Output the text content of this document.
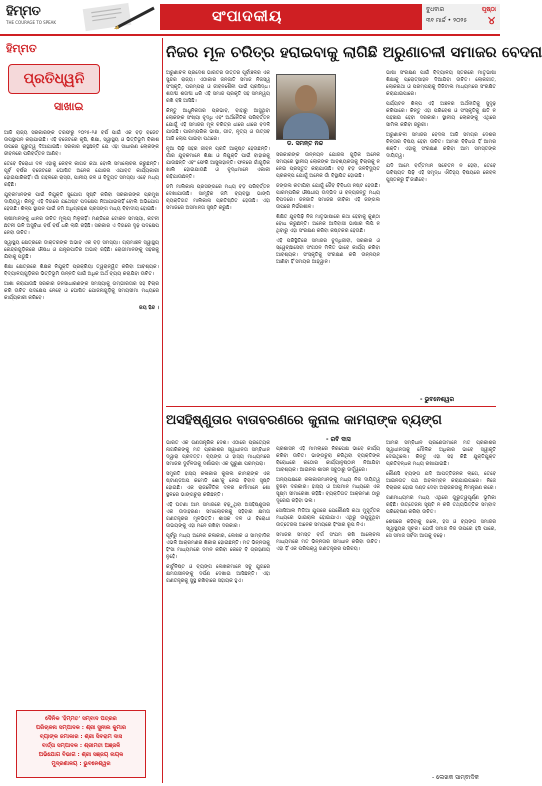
ହିମ୍ମତ
THE COURAGE TO SPEAK	ସଂପାଦକୀୟ	ବୁଧବାର
୩୧ ମାର୍ଚ୍ଚ • ୨୦୨୫
ପୃଷ୍ଠା
୪
ହିମ୍ମତ
ପ୍ରତିଧ୍ୱନି
ସାଖାଇ

ଆଜି ରାଜ୍ୟ ସରକାରଙ୍କ ତରଫରୁ ୨୦୨୫-୨୬ ବର୍ଷ ପାଇଁ ଏକ ବଡ଼ ବଜେଟ ଉପସ୍ଥାପନ କରାଯାଇଛି। ଏହି ବଜେଟରେ କୃଷି, ଶିକ୍ଷା, ସ୍ୱାସ୍ଥ୍ୟ ଓ ଭିତ୍ତିଭୂମି ବିକାଶ ଉପରେ ଗୁରୁତ୍ୱ ଦିଆଯାଇଛି। ସରକାର କହୁଛନ୍ତି ଯେ ଏହା ସାଧାରଣ ଲୋକଙ୍କ ଜୀବନରେ ପରିବର୍ତ୍ତନ ଆଣିବ।

ତେବେ ବିରୋଧୀ ଦଳ ଏହାକୁ କେବଳ କାଗଜ କଥା ବୋଲି ସମାଲୋଚନା କରୁଛନ୍ତି। ପୂର୍ବ ବର୍ଷର ବଜେଟରେ ଘୋଷିତ ଅନେକ ଯୋଜନା ଏଯାବତ କାର୍ଯ୍ୟକାରୀ ହୋଇପାରିନାହିଁ। ଗାଁ ଗହଳରେ ରାସ୍ତା, ପାନୀୟ ଜଳ ଓ ବିଦ୍ୟୁତ ସମସ୍ୟା ଏବେ ମଧ୍ୟ ରହିଛି।

ଯୁବକମାନଙ୍କ ପାଇଁ ନିଯୁକ୍ତି ସୁଯୋଗ ସୃଷ୍ଟି କରିବା ସରକାରଙ୍କ ପ୍ରମୁଖ ଦାୟିତ୍ୱ। କିନ୍ତୁ ଏହି ଦିଗରେ ଯଥେଷ୍ଟ ପଦକ୍ଷେପ ନିଆଯାଇନାହିଁ ବୋଲି ଅଭିଯୋଗ ହେଉଛି। ଶିଳ୍ପ ସ୍ଥାପନ ପାଇଁ ଜମି ଅଧିଗ୍ରହଣ ପ୍ରସଙ୍ଗ ମଧ୍ୟ ବିବାଦୀୟ ହୋଇଛି।

ଚାଷୀମାନଙ୍କୁ ଧାନର ଉଚିତ ମୂଲ୍ୟ ମିଳୁନାହିଁ। ମଣ୍ଡିରେ ଟୋକନ ସମସ୍ୟା, କଟନୀ ଛଟନୀ ଭଳି ଅସୁବିଧା ବର୍ଷ ବର୍ଷ ଧରି ଲାଗି ରହିଛି। ସରକାର ଏ ଦିଗରେ ଦୃଢ଼ ପଦକ୍ଷେପ ନେବା ଉଚିତ।

ସ୍ୱାସ୍ଥ୍ୟ କ୍ଷେତ୍ରରେ ଡାକ୍ତରଙ୍କ ଅଭାବ ଏକ ବଡ଼ ସମସ୍ୟା। ଗ୍ରାମାଞ୍ଚଳ ସ୍ୱାସ୍ଥ୍ୟ କେନ୍ଦ୍ରଗୁଡ଼ିକରେ ଔଷଧ ଓ ଯନ୍ତ୍ରପାତିର ଅଭାବ ରହିଛି। ରୋଗୀମାନଙ୍କୁ ସହରକୁ ଯିବାକୁ ପଡୁଛି।

ଶିକ୍ଷା କ୍ଷେତ୍ରରେ ଶିକ୍ଷକ ନିଯୁକ୍ତି ପ୍ରକ୍ରିୟା ତ୍ୱରାନ୍ୱିତ କରିବା ଆବଶ୍ୟକ। ବିଦ୍ୟାଳୟଗୁଡ଼ିକର ଭିତ୍ତିଭୂମି ଉନ୍ନତି ପାଇଁ ଅଧିକ ଅର୍ଥ ବ୍ୟୟ କରାଯିବା ଉଚିତ।

ଆଶା କରାଯାଉଛି ସରକାର ଜନସାଧାରଣଙ୍କ ସମସ୍ୟାକୁ ଗମ୍ଭୀରତାର ସହ ବିଚାର କରି ଉଚିତ ପଦକ୍ଷେପ ନେବେ ଓ ଘୋଷିତ ଯୋଜନାଗୁଡ଼ିକୁ ସମୟସୀମା ମଧ୍ୟରେ କାର୍ଯ୍ୟକାରୀ କରିବେ।

ଜୟ ହିନ୍ଦ ।

ଦୈନିକ 'ହିମ୍ମତ' ସମ୍ବାଦ ପତ୍ରର
ପରିଚାଳନା ସମ୍ପାଦକ : ଶ୍ରୀ ସୁନୀଲ କୁମାର
ବ୍ୟାଙ୍କ ଜମାକାର : ଶ୍ରୀ ସିବରାମ ଦାସ
ବାର୍ତ୍ତା ସମ୍ପାଦକ : ଶ୍ରୀମତୀ ଅଞ୍ଜଳି
ଅଭିଯୋଗ ବିଭାଗ : ଶ୍ରୀ ସଞ୍ଜୟ ନାୟକ
ମୁଦ୍ରଣାଳୟ : ଭୁବନେଶ୍ୱର
ନିଜର ମୂଳ ଚରିତ୍ର ହରାଇବାକୁ ଲାଗିଛି ଅରୁଣାଚଳୀ ସମାଜର ବେଦନା

ଅରୁଣାଚଳ ପ୍ରଦେଶ ଭାରତର ଉତ୍ତର ପୂର୍ବାଞ୍ଚଳର ଏକ ସୁନ୍ଦର ରାଜ୍ୟ। ଏଠାକାର ଜନଜାତି ସମାଜ ନିଜସ୍ୱ ସଂସ୍କୃତି, ପରମ୍ପରା ଓ ଜୀବନଶୈଳୀ ପାଇଁ ପ୍ରସିଦ୍ଧ। ଶତାବ୍ଦୀ ଶତାବ୍ଦୀ ଧରି ଏହି ସମାଜ ପ୍ରକୃତି ସହ ସମନ୍ୱୟ ରଖି ବଞ୍ଚି ଆସିଛି।

କିନ୍ତୁ ଆଧୁନିକତାର ପ୍ରଭାବ, ବାହାରୁ ଆସୁଥିବା ଲୋକଙ୍କ ସଂଖ୍ୟା ବୃଦ୍ଧି ଏବଂ ଅର୍ଥନୈତିକ ପରିବର୍ତ୍ତନ ଯୋଗୁଁ ଏହି ସମାଜର ମୂଳ ଚରିତ୍ର ଧୀରେ ଧୀରେ ବଦଳି ଯାଉଛି। ପାରମ୍ପରିକ ଭାଷା, ଗୀତ, ନୃତ୍ୟ ଓ ଉତ୍ସବ ଆଜି ଲୋପ ପାଇବା ପଥରେ।

ନୂଆ ପିଢ଼ି ସହର ଜୀବନ ପ୍ରତି ଆକୃଷ୍ଟ ହେଉଛନ୍ତି। ଗାଁର ଯୁବକମାନେ ଶିକ୍ଷା ଓ ନିଯୁକ୍ତି ପାଇଁ ବାହାରକୁ ଯାଉଛନ୍ତି ଏବଂ ଫେରି ଆସୁନାହାନ୍ତି। ଫଳରେ ଗାଁଗୁଡ଼ିକ ଖାଲି ହୋଇଯାଉଛି ଓ ବୃଦ୍ଧମାନେ ଏକାକୀ ରହିଯାଉଛନ୍ତି।

ଜମି ମାଲିକାନା ପ୍ରସଙ୍ଗରେ ମଧ୍ୟ ବଡ଼ ପରିବର୍ତ୍ତନ ଦେଖାଯାଉଛି। ସାମୂହିକ ଜମି ବ୍ୟବସ୍ଥା ଭାଙ୍ଗି ବ୍ୟକ୍ତିଗତ ମାଲିକାନା ପ୍ରତିଷ୍ଠିତ ହେଉଛି। ଏହା ସମାଜରେ ଅସମାନତା ସୃଷ୍ଟି କରୁଛି।

ଡ. ସମନ୍ତ ନନ୍ଦ

ସରକାରଙ୍କ ଉନ୍ନୟନ ଯୋଜନା ଗୁଡ଼ିକ ଅନେକ ସମୟରେ ସ୍ଥାନୀୟ ଲୋକଙ୍କ ଆବଶ୍ୟକତାକୁ ବିଚାରକୁ ନ ନେଇ ପ୍ରସ୍ତୁତ କରାଯାଉଛି। ବଡ଼ ବଡ଼ ଜଳବିଦ୍ୟୁତ ପ୍ରକଳ୍ପ ଯୋଗୁଁ ଅନେକ ଗାଁ ବିସ୍ଥାପିତ ହୋଇଛି।

ଜଙ୍ଗଲ କଟାଯିବା ଯୋଗୁଁ ଜୈବ ବିବିଧତା ନଷ୍ଟ ହେଉଛି। ପାରମ୍ପରିକ ଔଷଧୀୟ ଉଦ୍ଭିଦ ଓ ବନ୍ୟଜନ୍ତୁ ମଧ୍ୟ ବିପଦରେ। ଜନଜାତି ସମାଜର ଜୀବିକା ଏହି ଜଙ୍ଗଲ ଉପରେ ନିର୍ଭରଶୀଳ।

ଶିକ୍ଷିତ ଯୁବପିଢ଼ି ନିଜ ମାତୃଭାଷାରେ କଥା ହେବାକୁ କୁଣ୍ଠା ବୋଧ କରୁଛନ୍ତି। ଅନେକ ଆଦିବାସୀ ଭାଷାର ଲିପି ନ ଥିବାରୁ ଏହା ସଂରକ୍ଷଣ କରିବା କଷ୍ଟକର ହେଉଛି।

ଏହି ପରିସ୍ଥିତିରେ ସମାଜର ବୁଦ୍ଧିଜୀବୀ, ସରକାର ଓ ସ୍ୱେଚ୍ଛାସେବୀ ସଂଗଠନ ମିଳିତ ଭାବେ କାର୍ଯ୍ୟ କରିବା ଆବଶ୍ୟକ। ସଂସ୍କୃତିକୁ ସଂରକ୍ଷଣ କରି ଉନ୍ନୟନ ଆଣିବା ହିଁ ସମୟର ଆହ୍ୱାନ।

ଭାଷା ସଂରକ୍ଷଣ ପାଇଁ ବିଦ୍ୟାଳୟ ସ୍ତରରେ ମାତୃଭାଷା ଶିକ୍ଷାକୁ ପ୍ରୋତ୍ସାହନ ଦିଆଯିବା ଉଚିତ। ଲୋକଗୀତ, ଲୋକକଥା ଓ ପରମ୍ପରାକୁ ଡିଜିଟାଲ ମାଧ୍ୟମରେ ସଂରକ୍ଷିତ କରାଯାଇପାରେ।

ପର୍ଯ୍ୟଟନ ଶିଳ୍ପ ଏହି ଅଞ୍ଚଳର ଅର୍ଥନୀତିକୁ ସୁଦୃଢ଼ କରିପାରେ। କିନ୍ତୁ ଏହା ପରିବେଶ ଓ ସଂସ୍କୃତିକୁ କ୍ଷତି ନ ପହଞ୍ଚାଇ ହେବା ଦରକାର। ସ୍ଥାନୀୟ ଲୋକଙ୍କୁ ଏଥିରେ ସାମିଲ କରିବା ଜରୁରୀ।

ଅରୁଣାଚଳୀ ସମାଜର ବେଦନା ଆଜି ସମଗ୍ର ଦେଶର ଚିନ୍ତାର ବିଷୟ ହେବା ଉଚିତ। ଆମର ବିବିଧତା ହିଁ ଆମର ଶକ୍ତି। ଏହାକୁ ସଂରକ୍ଷଣ କରିବା ଆମ ସମସ୍ତଙ୍କ ଦାୟିତ୍ୱ।

ଯଦି ଆମେ ବର୍ତ୍ତମାନ ସଚେତନ ନ ହେବା, ତେବେ ଭବିଷ୍ୟତ ପିଢ଼ି ଏହି ସମୃଦ୍ଧ ଐତିହ୍ୟ ବିଷୟରେ କେବଳ ପୁସ୍ତକରୁ ହିଁ ଜାଣିବେ।

- ଭୁବନେଶ୍ୱର
ଅସହିଷ୍ଣୁତାର ବାତାବରଣରେ କୁନାଲ କାମରାଙ୍କ ବ୍ୟଙ୍ଗ
- ରବି ଦାସ

ଭାରତ ଏକ ଗଣତାନ୍ତ୍ରିକ ଦେଶ। ଏଠାରେ ପ୍ରତ୍ୟେକ ନାଗରିକଙ୍କୁ ମତ ପ୍ରକାଶର ସ୍ୱାଧୀନତା ସମ୍ବିଧାନ ଦ୍ୱାରା ପ୍ରଦତ୍ତ। ବ୍ୟଙ୍ଗ ଓ ହାସ୍ୟ ମାଧ୍ୟମରେ ସମାଜର ଦୁର୍ବଳତାକୁ ଦର୍ଶାଇବା ଏକ ପୁରୁଣା ପରମ୍ପରା।

ସମ୍ପ୍ରତି ହାସ୍ୟ କଳାକାର କୁନାଲ କାମରାଙ୍କ ଏକ ଷ୍ଟାଣ୍ଡଅପ କମେଡି ଶୋ'କୁ ନେଇ ବିବାଦ ସୃଷ୍ଟି ହୋଇଛି। ଏକ ରାଜନୈତିକ ଦଳର କର୍ମୀମାନେ ଶୋ ସ୍ଥଳରେ ଭାଙ୍ଗଚୁରା କରିଛନ୍ତି।

ଏହି ଘଟଣା ଆମ ସମାଜରେ ବଢ଼ୁଥିବା ଅସହିଷ୍ଣୁତାର ଏକ ଉଦାହରଣ। ସମାଲୋଚନାକୁ ସହିବାର କ୍ଷମତା ଗଣତନ୍ତ୍ରର ମୂଳଭିତ୍ତି। ଶାସକ ଦଳ ଓ ବିରୋଧୀ ଉଭୟଙ୍କୁ ଏହା ମନେ ରଖିବା ଦରକାର।

ପୂର୍ବରୁ ମଧ୍ୟ ଅନେକ କଳାକାର, ଲେଖକ ଓ ସାମ୍ବାଦିକ ଏଭଳି ଆକ୍ରମଣର ଶିକାର ହୋଇଛନ୍ତି। ମତ ଭିନ୍ନତାକୁ ହିଂସା ମାଧ୍ୟମରେ ଦମନ କରିବା କେବେ ବି ଗ୍ରହଣୀୟ ନୁହେଁ।

କାର୍ଟୁନିଷ୍ଟ ଓ ବ୍ୟଙ୍ଗ ଲେଖକମାନେ ସବୁ ଯୁଗରେ କ୍ଷମତାସୀନଙ୍କୁ ଦର୍ପଣ ଦେଖାଇ ଆସିଛନ୍ତି। ଏହା ଗଣତନ୍ତ୍ରକୁ ସୁସ୍ଥ ରଖିବାରେ ସହାୟକ ହୁଏ।

ପ୍ରଶାସନ ଏହି ମାମଲାରେ ନିରପେକ୍ଷ ଭାବେ କାର୍ଯ୍ୟ କରିବା ଉଚିତ। ଭାଙ୍ଗଚୁରା କରିଥିବା ବ୍ୟକ୍ତିଙ୍କ ବିରୋଧରେ କଠୋର କାର୍ଯ୍ୟାନୁଷ୍ଠାନ ନିଆଯିବା ଆବଶ୍ୟକ। ଆଇନର ଶାସନ ସବୁଠାରୁ ଊର୍ଦ୍ଧ୍ୱରେ।

ଅନ୍ୟପକ୍ଷରେ କଳାକାରମାନଙ୍କୁ ମଧ୍ୟ ନିଜ ଦାୟିତ୍ୱ ବୁଝିବା ଦରକାର। ହାସ୍ୟ ଓ ଅପମାନ ମଧ୍ୟରେ ଏକ ସୂକ୍ଷ୍ମ ସୀମାରେଖା ରହିଛି। ବ୍ୟକ୍ତିଗତ ଆକ୍ରମଣ ଠାରୁ ଦୂରେଇ ରହିବା ଭଲ।

ସୋସିଆଲ ମିଡିଆ ଯୁଗରେ ଯେକୌଣସି କଥା ମୁହୂର୍ତ୍ତକ ମଧ୍ୟରେ ଭାଇରାଲ ହୋଇଯାଏ। ଏଥିରୁ ଉପୁଜୁଥିବା ଉତ୍ତେଜନା ଅନେକ ସମୟରେ ହିଂସାର ରୂପ ନିଏ।

ସମାଜର ସମସ୍ତ ବର୍ଗ ସଂଯମ ରଖି ଆଲୋଚନା ମାଧ୍ୟମରେ ମତ ଭିନ୍ନତାର ସମାଧାନ କରିବା ଉଚିତ। ଏହା ହିଁ ଏକ ପରିପକ୍ୱ ଗଣତନ୍ତ୍ରର ପରିଚୟ।

ଆମର ସମ୍ବିଧାନ ପ୍ରଣେତାମାନେ ମତ ପ୍ରକାଶର ସ୍ୱାଧୀନତାକୁ ମୌଳିକ ଅଧିକାର ଭାବେ ସ୍ୱୀକୃତି ଦେଇଥିଲେ। କିନ୍ତୁ ଏହା ସହ କିଛି ଯୁକ୍ତିଯୁକ୍ତ ପ୍ରତିବନ୍ଧକ ମଧ୍ୟ ରଖାଯାଇଛି।

କୌଣସି ବ୍ୟଙ୍ଗ ଯଦି ଆପତ୍ତିଜନକ ଲାଗେ, ତେବେ ଆଇନଗତ ପଥ ଅବଲମ୍ବନ କରାଯାଇପାରେ। ନିଜେ ବିଚାରକ ହୋଇ ଦଣ୍ଡ ଦେବା ଅରାଜକତାକୁ ନିମନ୍ତ୍ରଣ କରେ।

ଗଣମାଧ୍ୟମର ମଧ୍ୟ ଏଥିରେ ଗୁରୁତ୍ୱପୂର୍ଣ୍ଣ ଭୂମିକା ରହିଛି। ଉତ୍ତେଜନା ସୃଷ୍ଟି ନ କରି ତଥ୍ୟଭିତ୍ତିକ ସମ୍ବାଦ ପରିବେଷଣ କରିବା ଉଚିତ।

ଶେଷରେ କହିବାକୁ ଗଲେ, ହସ ଓ ବ୍ୟଙ୍ଗ ସମାଜର ସ୍ୱାସ୍ଥ୍ୟର ସୂଚକ। ଯେଉଁ ସମାଜ ନିଜ ଉପରେ ହସି ପାରେ, ସେ ସମାଜ ସର୍ବଦା ଆଗକୁ ବଢ଼େ।

- ଲେଖକ ସାମ୍ବାଦିକ
